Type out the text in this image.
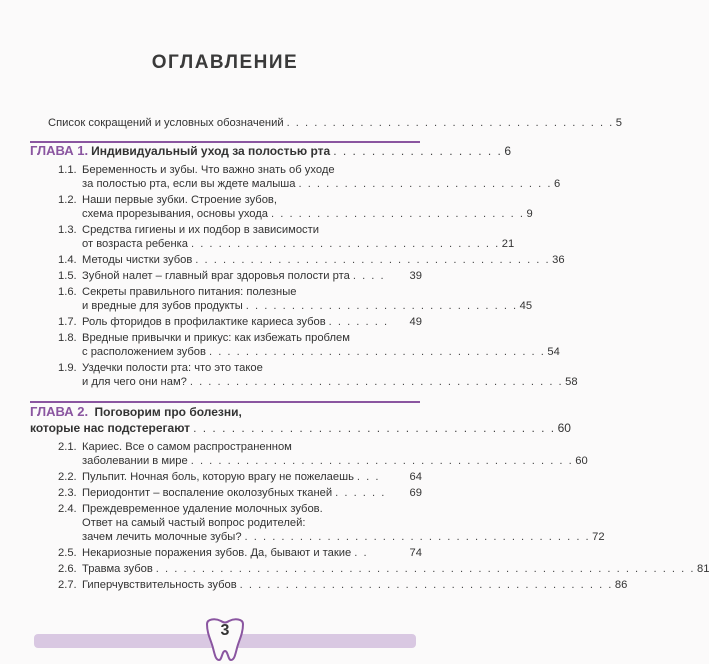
ОГЛАВЛЕНИЕ
Список сокращений и условных обозначений . . . . . . . . . . . . . . . . . . . . . . . . . . . . . . . . . . . . 5
ГЛАВА 1. Индивидуальный уход за полостью рта . . . . . . . . . . . . . . . . . . 6
1.1. Беременность и зубы. Что важно знать об уходе
за полостью рта, если вы ждете малыша . . . . . . . . . . . . . . . . . . . . . . . . . . . . 6
1.2. Наши первые зубки. Строение зубов,
схема прорезывания, основы ухода . . . . . . . . . . . . . . . . . . . . . . . . . . . . 9
1.3. Средства гигиены и их подбор в зависимости
от возраста ребенка . . . . . . . . . . . . . . . . . . . . . . . . . . . . . . . . . . 21
1.4. Методы чистки зубов . . . . . . . . . . . . . . . . . . . . . . . . . . . . . . . . . . . . . . . 36
1.5. Зубной налет – главный враг здоровья полости рта . . . .	39
1.6. Секреты правильного питания: полезные
и вредные для зубов продукты . . . . . . . . . . . . . . . . . . . . . . . . . . . . . . 45
1.7. Роль фторидов в профилактике кариеса зубов . . . . . . .	49
1.8. Вредные привычки и прикус: как избежать проблем
с расположением зубов . . . . . . . . . . . . . . . . . . . . . . . . . . . . . . . . . . . . . 54
1.9. Уздечки полости рта: что это такое
и для чего они нам? . . . . . . . . . . . . . . . . . . . . . . . . . . . . . . . . . . . . . . . . . 58
ГЛАВА 2. Поговорим про болезни,
которые нас подстерегают . . . . . . . . . . . . . . . . . . . . . . . . . . . . . . . . . . . . . . 60
2.1. Кариес. Все о самом распространенном
заболевании в мире . . . . . . . . . . . . . . . . . . . . . . . . . . . . . . . . . . . . . . . . . . 60
2.2. Пульпит. Ночная боль, которую врагу не пожелаешь . . .	64
2.3. Периодонтит – воспаление околозубных тканей . . . . . .	69
2.4. Преждевременное удаление молочных зубов.
Ответ на самый частый вопрос родителей:
зачем лечить молочные зубы? . . . . . . . . . . . . . . . . . . . . . . . . . . . . . . . . . . . . . . 72
2.5. Некариозные поражения зубов. Да, бывают и такие . .	74
2.6. Травма зубов . . . . . . . . . . . . . . . . . . . . . . . . . . . . . . . . . . . . . . . . . . . . . . . . . . . . . . . . . . . 81
2.7. Гиперчувствительность зубов . . . . . . . . . . . . . . . . . . . . . . . . . . . . . . . . . . . . . . . . . 86
3
